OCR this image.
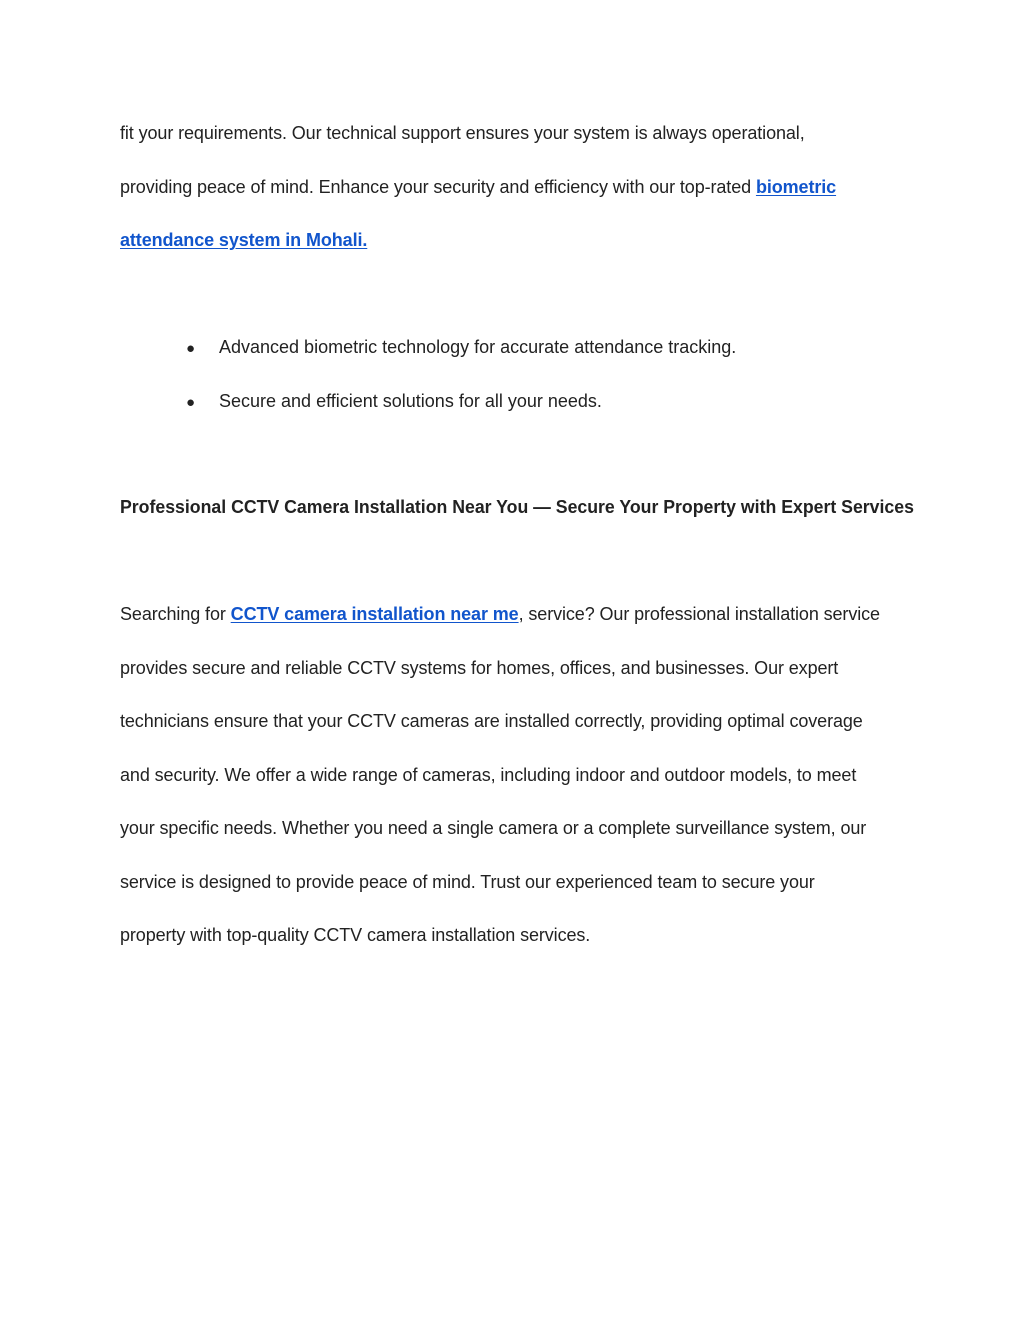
fit your requirements. Our technical support ensures your system is always operational,
providing peace of mind. Enhance your security and efficiency with our top-rated biometric
attendance system in Mohali.
● Advanced biometric technology for accurate attendance tracking.
● Secure and efficient solutions for all your needs.
Professional CCTV Camera Installation Near You — Secure Your Property with Expert Services
Searching for CCTV camera installation near me, service? Our professional installation service
provides secure and reliable CCTV systems for homes, offices, and businesses. Our expert
technicians ensure that your CCTV cameras are installed correctly, providing optimal coverage
and security. We offer a wide range of cameras, including indoor and outdoor models, to meet
your specific needs. Whether you need a single camera or a complete surveillance system, our
service is designed to provide peace of mind. Trust our experienced team to secure your
property with top-quality CCTV camera installation services.
